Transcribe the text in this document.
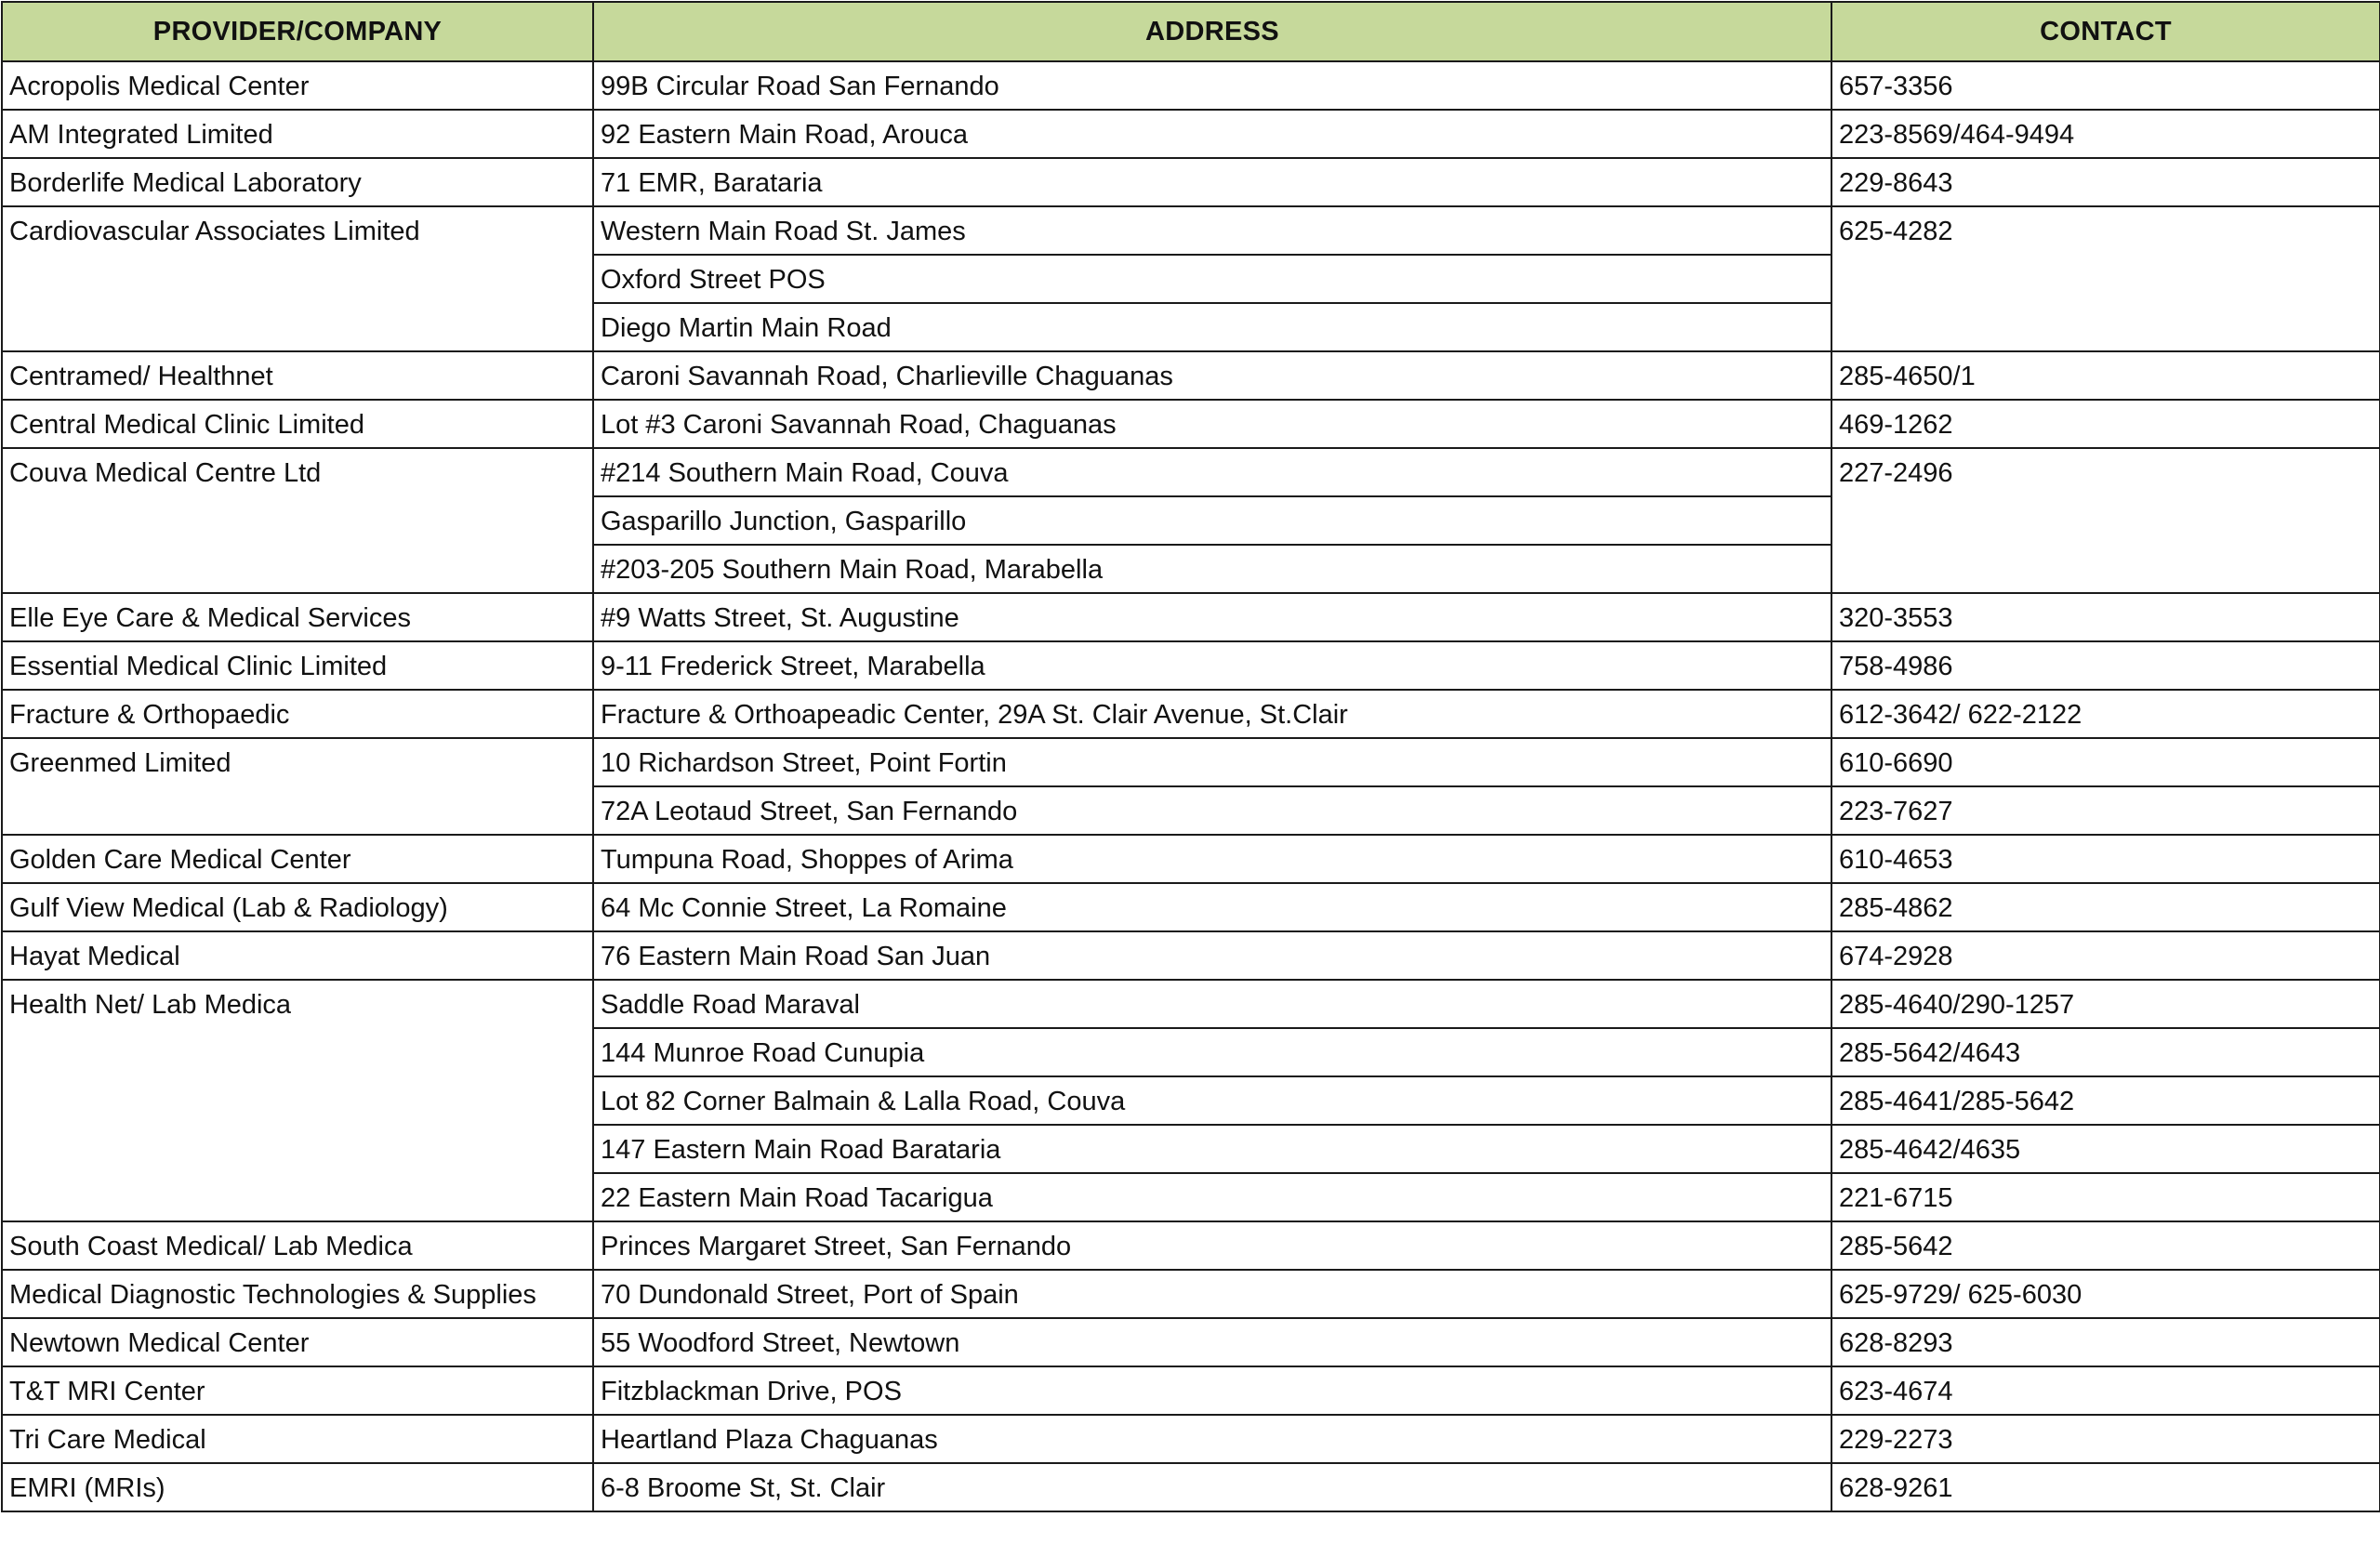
PROVIDER/COMPANY	ADDRESS	CONTACT
Acropolis Medical Center	99B Circular Road San Fernando	657-3356
AM Integrated Limited	92 Eastern Main Road, Arouca	223-8569/464-9494
Borderlife Medical Laboratory	71 EMR, Barataria	229-8643
Cardiovascular Associates Limited	Western Main Road St. James	625-4282
	Oxford Street POS	
	Diego Martin Main Road	
Centramed/ Healthnet	Caroni Savannah Road, Charlieville Chaguanas	285-4650/1
Central Medical Clinic Limited	Lot #3 Caroni Savannah Road, Chaguanas	469-1262
Couva Medical Centre Ltd	#214 Southern Main Road, Couva	227-2496
	Gasparillo Junction, Gasparillo	
	#203-205 Southern Main Road, Marabella	
Elle Eye Care & Medical Services	#9 Watts Street, St. Augustine	320-3553
Essential Medical Clinic Limited	9-11 Frederick Street, Marabella	758-4986
Fracture & Orthopaedic	Fracture & Orthoapeadic Center, 29A St. Clair Avenue, St.Clair	612-3642/ 622-2122
Greenmed Limited	10 Richardson Street, Point Fortin	610-6690
	72A Leotaud Street, San Fernando	223-7627
Golden Care Medical Center	Tumpuna Road, Shoppes of Arima	610-4653
Gulf View Medical (Lab & Radiology)	64 Mc Connie Street, La Romaine	285-4862
Hayat Medical	76 Eastern Main Road San Juan	674-2928
Health Net/ Lab Medica	Saddle Road Maraval	285-4640/290-1257
	144 Munroe Road Cunupia	285-5642/4643
	Lot 82 Corner Balmain & Lalla Road, Couva	285-4641/285-5642
	147 Eastern Main Road Barataria	285-4642/4635
	22 Eastern Main Road Tacarigua	221-6715
South Coast Medical/ Lab Medica	Princes Margaret Street, San Fernando	285-5642
Medical Diagnostic Technologies & Supplies	70 Dundonald Street, Port of Spain	625-9729/ 625-6030
Newtown Medical Center	55 Woodford Street, Newtown	628-8293
T&T MRI Center	Fitzblackman Drive, POS	623-4674
Tri Care Medical	Heartland Plaza Chaguanas	229-2273
EMRI (MRIs)	6-8 Broome St, St. Clair	628-9261
